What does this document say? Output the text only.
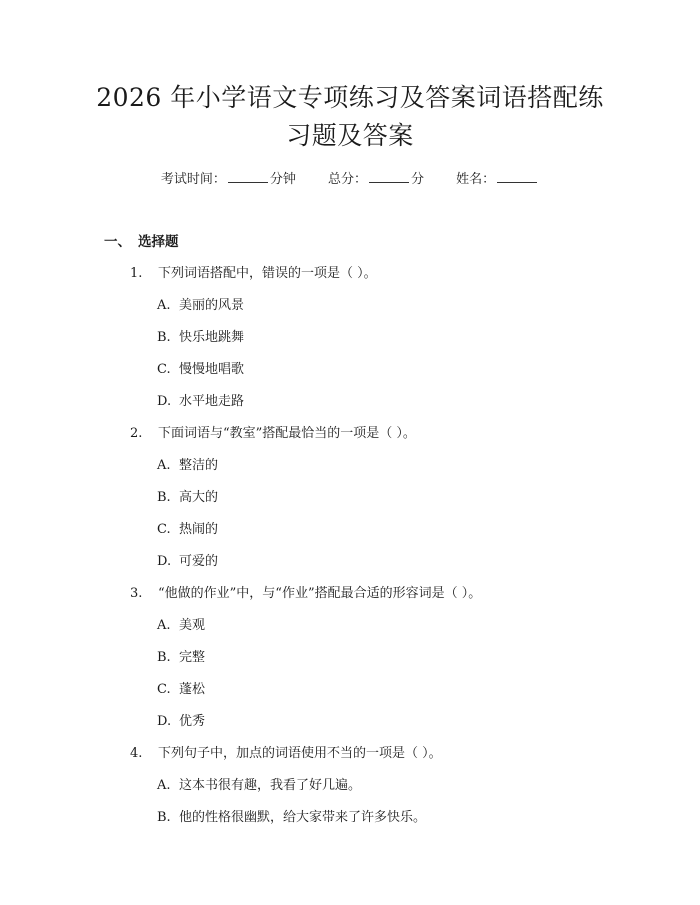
2026 年小学语文专项练习及答案词语搭配练
习题及答案
考试时间：	分钟 总分：	分 姓名：
一、 选择题
1. 下列词语搭配中，错误的一项是（ ）。
A. 美丽的风景
B. 快乐地跳舞
C. 慢慢地唱歌
D. 水平地走路
2. 下面词语与“教室”搭配最恰当的一项是（ ）。
A. 整洁的
B. 高大的
C. 热闹的
D. 可爱的
3. “他做的作业”中，与“作业”搭配最合适的形容词是（ ）。
A. 美观
B. 完整
C. 蓬松
D. 优秀
4. 下列句子中，加点的词语使用不当的一项是（ ）。
A. 这本书很有趣，我看了好几遍。
B. 他的性格很幽默，给大家带来了许多快乐。
